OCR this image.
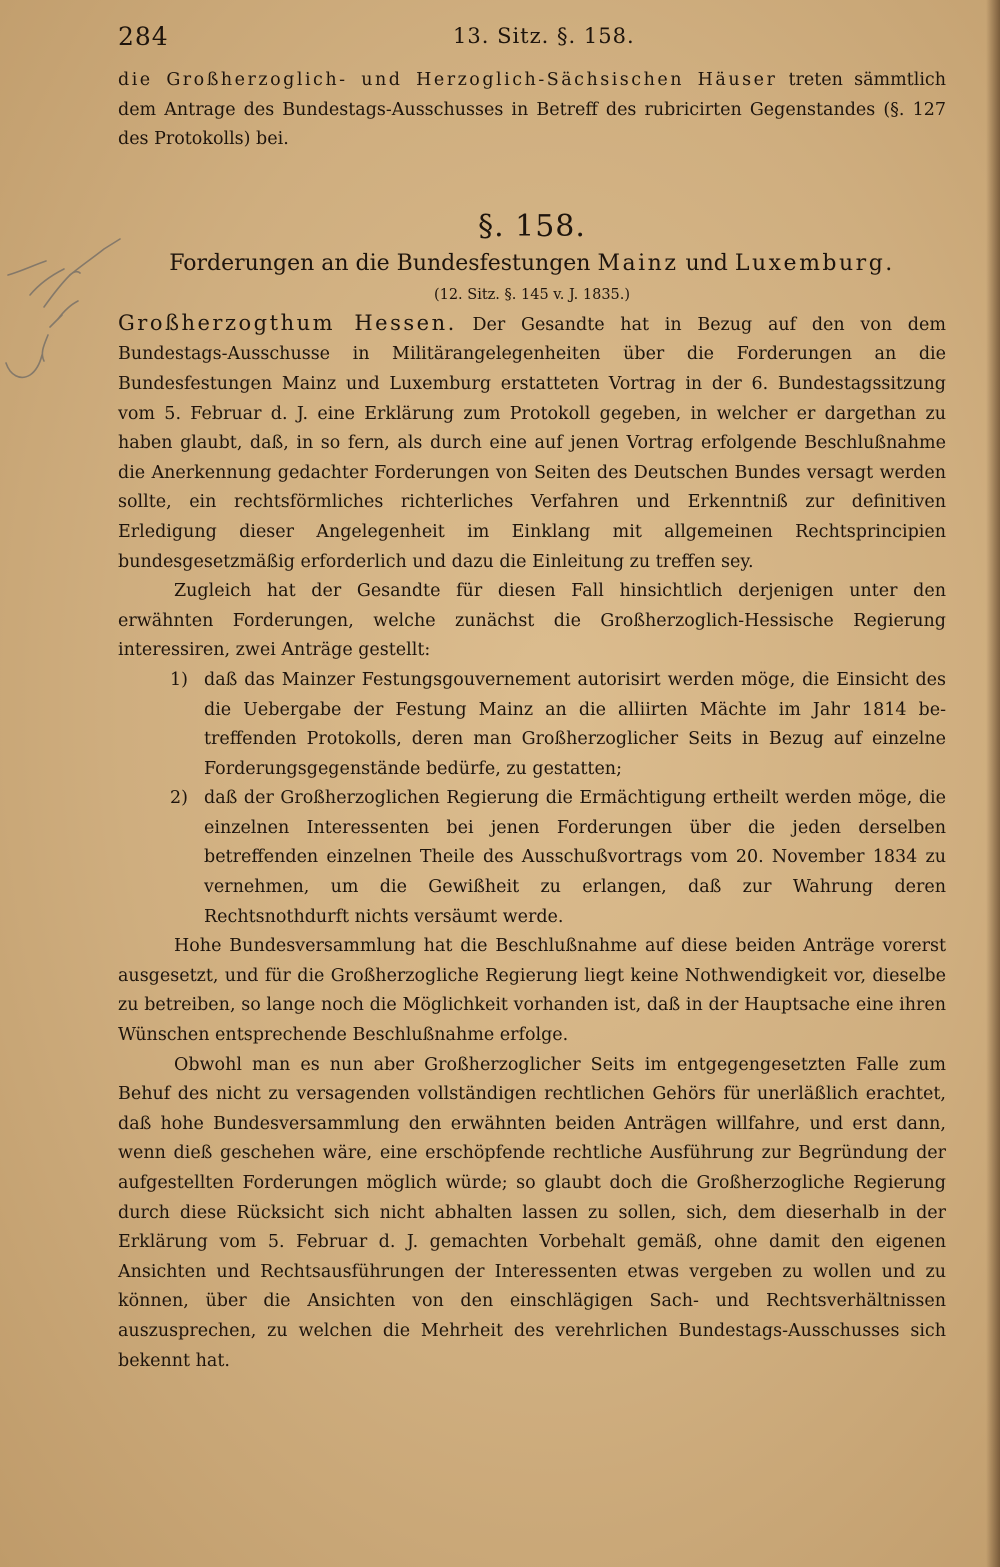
284	13. Sitz. §. 158.

die Großherzoglich- und Herzoglich-Sächsischen Häuser treten sämmtlich dem Antrage des Bundestags-Ausschusses in Betreff des rubricirten Gegenstandes (§. 127 des Protokolls) bei.

§. 158.

Forderungen an die Bundesfestungen Mainz und Luxemburg.

(12. Sitz. §. 145 v. J. 1835.)

Großherzogthum Hessen. Der Gesandte hat in Bezug auf den von dem Bundestags-Ausschusse in Militärangelegenheiten über die Forderungen an die Bundesfestungen Mainz und Luxemburg erstatteten Vortrag in der 6. Bundestagssitzung vom 5. Februar d. J. eine Erklärung zum Protokoll gegeben, in welcher er dargethan zu haben glaubt, daß, in so fern, als durch eine auf jenen Vortrag erfolgende Beschlußnahme die Anerkennung gedachter Forderungen von Seiten des Deutschen Bundes versagt werden sollte, ein rechtsförmliches richterliches Verfahren und Erkenntniß zur definitiven Erledigung dieser Angelegenheit im Einklang mit allgemeinen Rechtsprincipien bundesgesetzmäßig erforderlich und dazu die Einleitung zu treffen sey.

Zugleich hat der Gesandte für diesen Fall hinsichtlich derjenigen unter den erwähnten Forderungen, welche zunächst die Großherzoglich-Hessische Regierung interessiren, zwei Anträge gestellt:

1) daß das Mainzer Festungsgouvernement autorisirt werden möge, die Einsicht des die Uebergabe der Festung Mainz an die alliirten Mächte im Jahr 1814 betreffenden Protokolls, deren man Großherzoglicher Seits in Bezug auf einzelne Forderungsgegenstände bedürfe, zu gestatten;
2) daß der Großherzoglichen Regierung die Ermächtigung ertheilt werden möge, die einzelnen Interessenten bei jenen Forderungen über die jeden derselben betreffenden einzelnen Theile des Ausschußvortrags vom 20. November 1834 zu vernehmen, um die Gewißheit zu erlangen, daß zur Wahrung deren Rechtsnothdurft nichts versäumt werde.

Hohe Bundesversammlung hat die Beschlußnahme auf diese beiden Anträge vorerst ausgesetzt, und für die Großherzogliche Regierung liegt keine Nothwendigkeit vor, dieselbe zu betreiben, so lange noch die Möglichkeit vorhanden ist, daß in der Hauptsache eine ihren Wünschen entsprechende Beschlußnahme erfolge.

Obwohl man es nun aber Großherzoglicher Seits im entgegengesetzten Falle zum Behuf des nicht zu versagenden vollständigen rechtlichen Gehörs für unerläßlich erachtet, daß hohe Bundesversammlung den erwähnten beiden Anträgen willfahre, und erst dann, wenn dieß geschehen wäre, eine erschöpfende rechtliche Ausführung zur Begründung der aufgestellten Forderungen möglich würde; so glaubt doch die Großherzogliche Regierung durch diese Rücksicht sich nicht abhalten lassen zu sollen, sich, dem dieserhalb in der Erklärung vom 5. Februar d. J. gemachten Vorbehalt gemäß, ohne damit den eigenen Ansichten und Rechtsausführungen der Interessenten etwas vergeben zu wollen und zu können, über die Ansichten von den einschlägigen Sach- und Rechtsverhältnissen auszusprechen, zu welchen die Mehrheit des verehrlichen Bundestags-Ausschusses sich bekennt hat.
